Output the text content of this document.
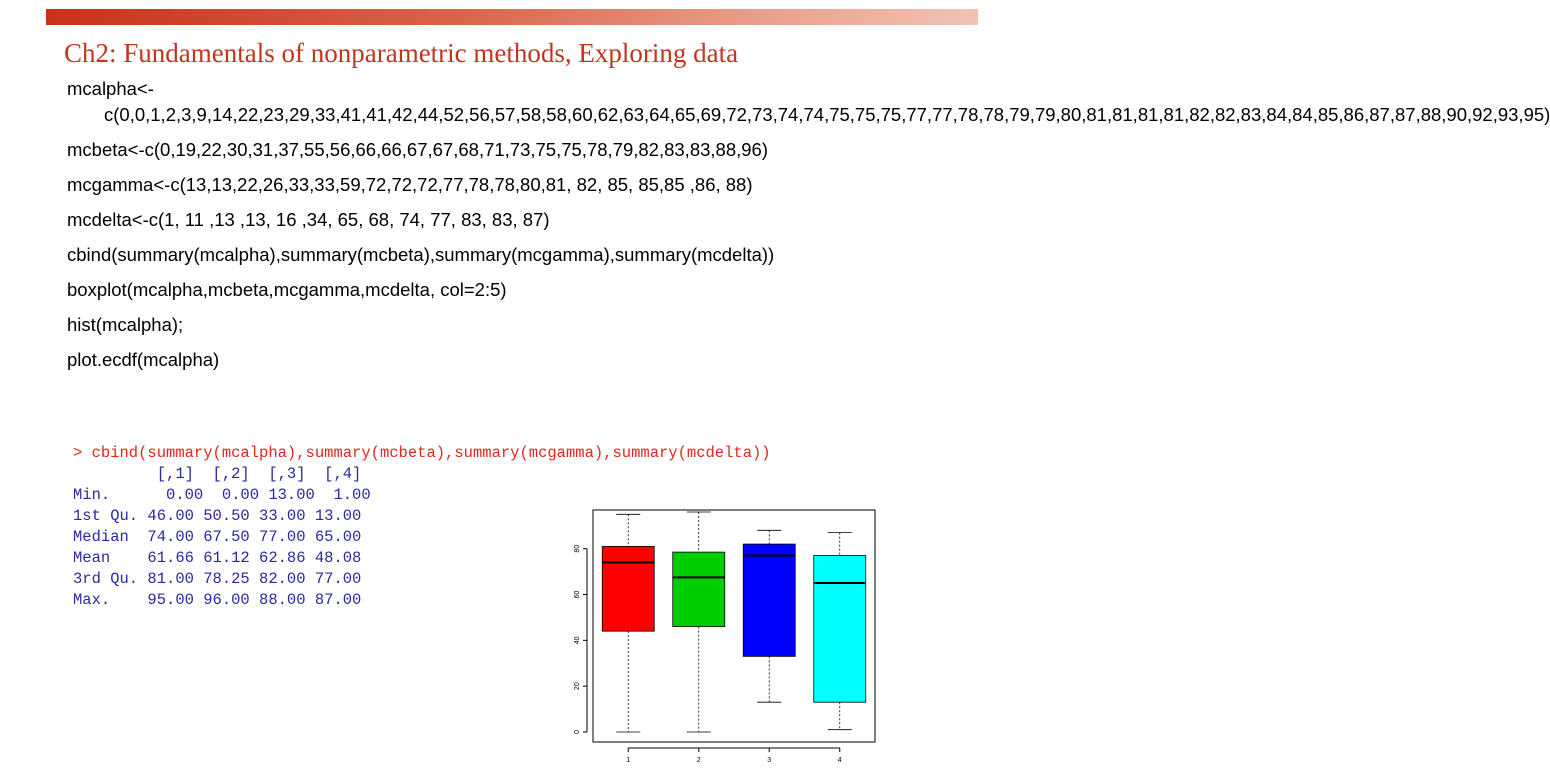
Ch2: Fundamentals of nonparametric methods, Exploring data
mcalpha<-c(0,0,1,2,3,9,14,22,23,29,33,41,41,42,44,52,56,57,58,58,60,62,63,64,65,69,72,73,74,74,75,75,75,77,77,78,78,79,79,80,81,81,81,81,82,82,83,84,84,85,86,87,87,88,90,92,93,95)
mcbeta<-c(0,19,22,30,31,37,55,56,66,66,67,67,68,71,73,75,75,78,79,82,83,83,88,96)
mcgamma<-c(13,13,22,26,33,33,59,72,72,72,77,78,78,80,81, 82, 85, 85,85 ,86, 88)
mcdelta<-c(1, 11 ,13 ,13, 16 ,34, 65, 68, 74, 77, 83, 83, 87)
cbind(summary(mcalpha),summary(mcbeta),summary(mcgamma),summary(mcdelta))
boxplot(mcalpha,mcbeta,mcgamma,mcdelta, col=2:5)
hist(mcalpha);
plot.ecdf(mcalpha)
> cbind(summary(mcalpha),summary(mcbeta),summary(mcgamma),summary(mcdelta))
[,1]  [,2]  [,3]  [,4]
Min.      0.00  0.00 13.00  1.00
1st Qu. 46.00 50.50 33.00 13.00
Median  74.00 67.50 77.00 65.00
Mean    61.66 61.12 62.86 48.08
3rd Qu. 81.00 78.25 82.00 77.00
Max.    95.00 96.00 88.00 87.00
0
20
40
60
80
1	2	3	4
